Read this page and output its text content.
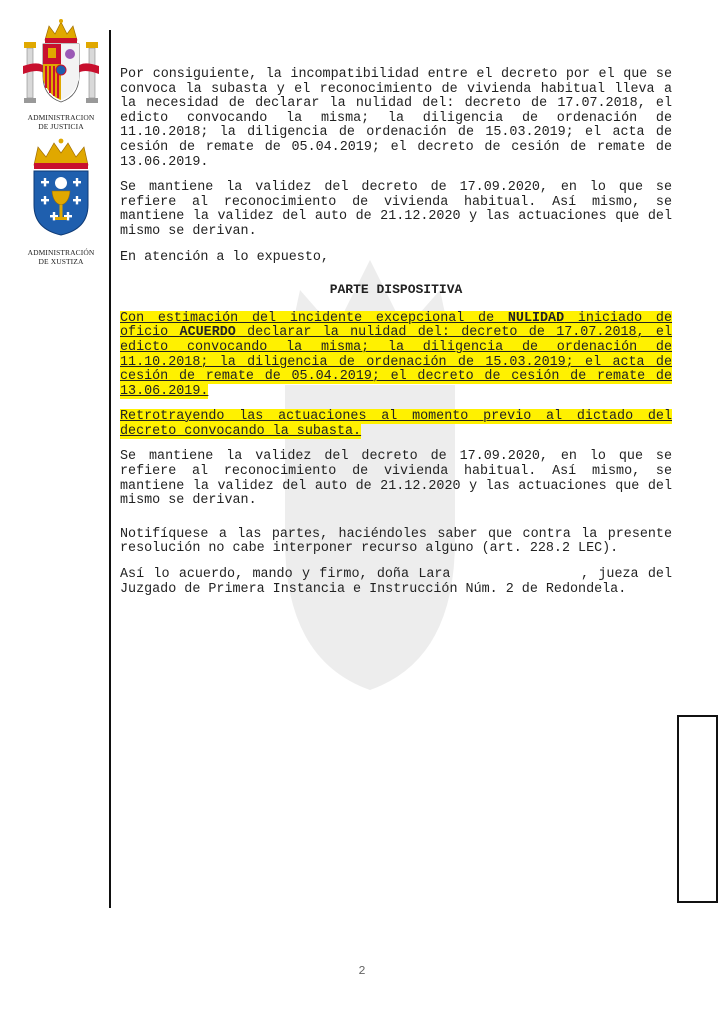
ADMINISTRACION
DE JUSTICIA
ADMINISTRACIÓN
DE XUSTIZA

Por consiguiente, la incompatibilidad entre el decreto por el que se convoca la subasta y el reconocimiento de vivienda habitual lleva a la necesidad de declarar la nulidad del: decreto de 17.07.2018, el edicto convocando la misma; la diligencia de ordenación de 11.10.2018; la diligencia de ordenación de 15.03.2019; el acta de cesión de remate de 05.04.2019; el decreto de cesión de remate de 13.06.2019.

Se mantiene la validez del decreto de 17.09.2020, en lo que se refiere al reconocimiento de vivienda habitual. Así mismo, se mantiene la validez del auto de 21.12.2020 y las actuaciones que del mismo se derivan.

En atención a lo expuesto,

PARTE DISPOSITIVA

Con estimación del incidente excepcional de NULIDAD iniciado de oficio ACUERDO declarar la nulidad del: decreto de 17.07.2018, el edicto convocando la misma; la diligencia de ordenación de 11.10.2018; la diligencia de ordenación de 15.03.2019; el acta de cesión de remate de 05.04.2019; el decreto de cesión de remate de 13.06.2019.

Retrotrayendo las actuaciones al momento previo al dictado del decreto convocando la subasta.

Se mantiene la validez del decreto de 17.09.2020, en lo que se refiere al reconocimiento de vivienda habitual. Así mismo, se mantiene la validez del auto de 21.12.2020 y las actuaciones que del mismo se derivan.

Notifíquese a las partes, haciéndoles saber que contra la presente resolución no cabe interponer recurso alguno (art. 228.2 LEC).

Así lo acuerdo, mando y firmo, doña Lara              , jueza del Juzgado de Primera Instancia e Instrucción Núm. 2 de Redondela.

2
